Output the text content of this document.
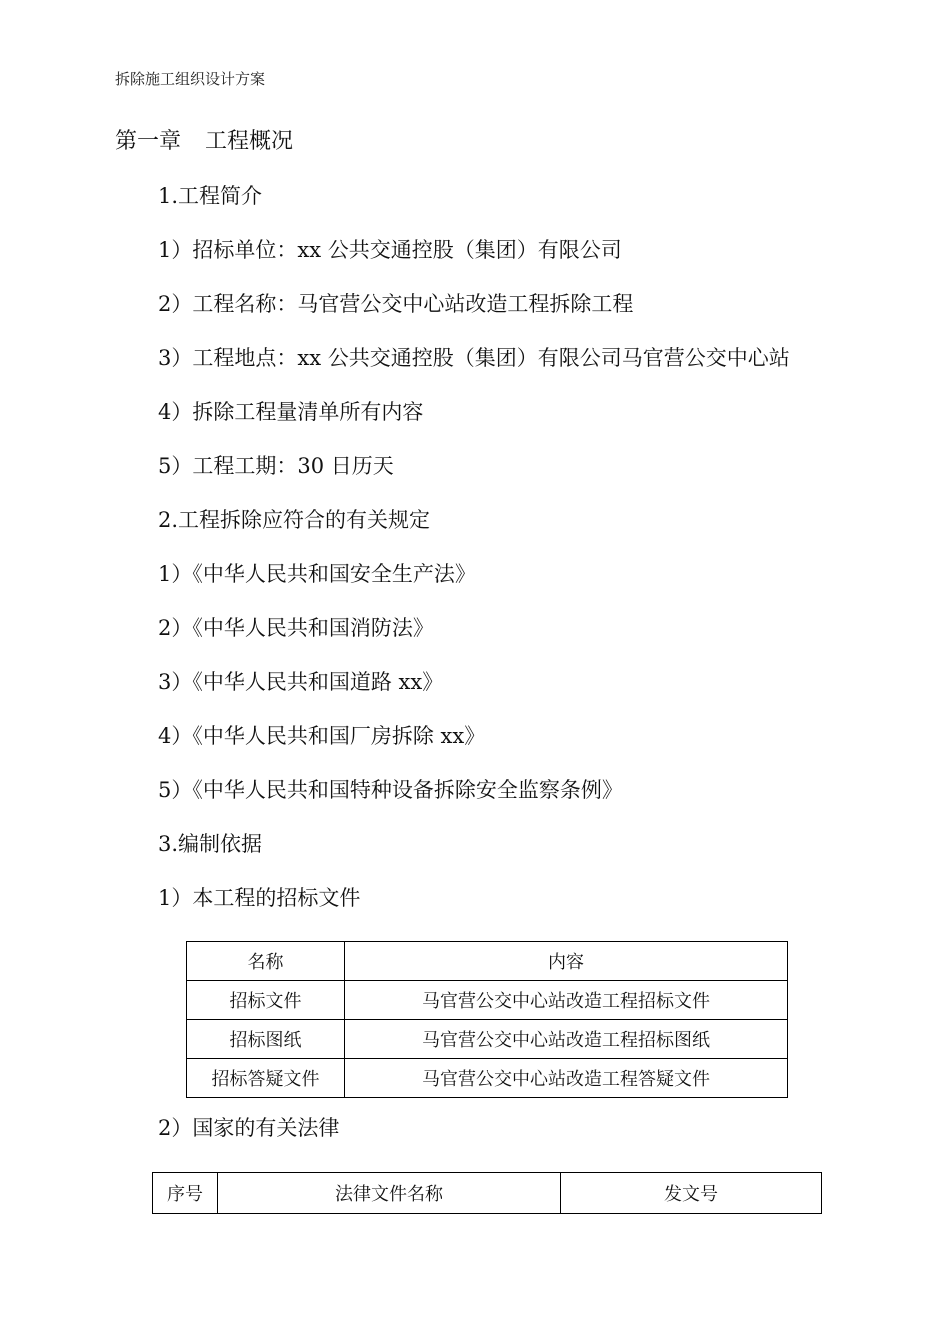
拆除施工组织设计方案
第一章 工程概况
1.工程简介
1）招标单位：xx 公共交通控股（集团）有限公司
2）工程名称：马官营公交中心站改造工程拆除工程
3）工程地点：xx 公共交通控股（集团）有限公司马官营公交中心站
4）拆除工程量清单所有内容
5）工程工期：30 日历天
2.工程拆除应符合的有关规定
1）《中华人民共和国安全生产法》
2）《中华人民共和国消防法》
3）《中华人民共和国道路 xx》
4）《中华人民共和国厂房拆除 xx》
5）《中华人民共和国特种设备拆除安全监察条例》
3.编制依据
1）本工程的招标文件
名称	内容
招标文件	马官营公交中心站改造工程招标文件
招标图纸	马官营公交中心站改造工程招标图纸
招标答疑文件	马官营公交中心站改造工程答疑文件
2）国家的有关法律
序号	法律文件名称	发文号
